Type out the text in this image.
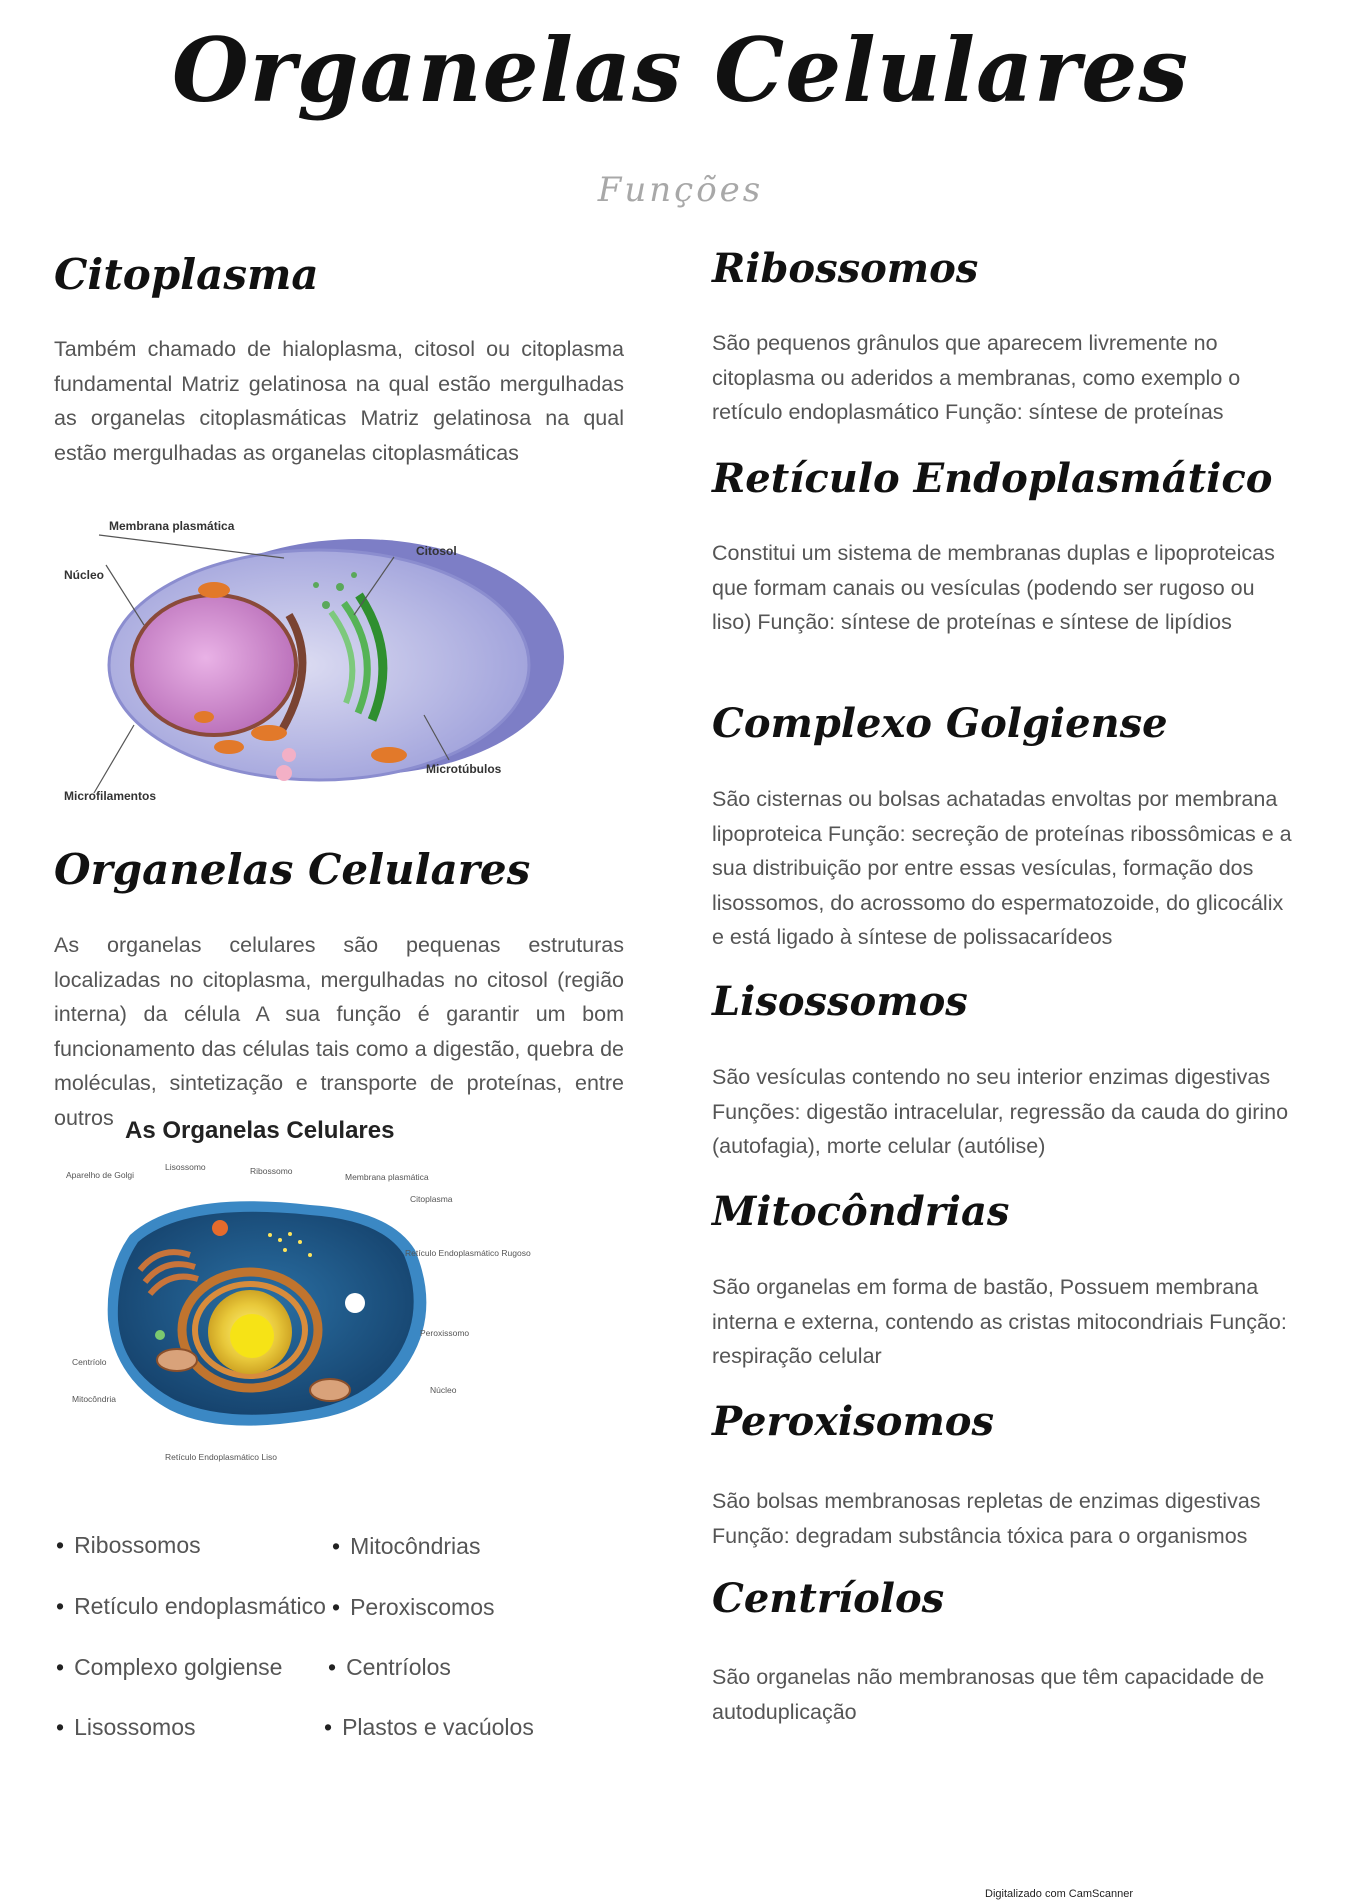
Organelas Celulares
Funções
Citoplasma
Também chamado de hialoplasma, citosol ou citoplasma fundamental Matriz gelatinosa na qual estão mergulhadas as organelas citoplasmáticas Matriz gelatinosa na qual estão mergulhadas as organelas citoplasmáticas
Membrana plasmática
Citosol
Núcleo
Microtúbulos
Microfilamentos
Organelas Celulares
As organelas celulares são pequenas estruturas localizadas no citoplasma, mergulhadas no citosol (região interna) da célula A sua função é garantir um bom funcionamento das células tais como a digestão, quebra de moléculas, sintetização e transporte de proteínas, entre outros As Organelas Celulares
Aparelho de Golgi
Lisossomo	Ribossomo
Membrana plasmática
Citoplasma
Retículo Endoplasmático Rugoso
Peroxissomo
Centríolo
Mitocôndria
Núcleo
Retículo Endoplasmático Liso
• Ribossomos
• Retículo endoplasmático
• Complexo golgiense
• Lisossomos
• Mitocôndrias
• Peroxiscomos
• Centríolos
• Plastos e vacúolos
Ribossomos
São pequenos grânulos que aparecem livremente no citoplasma ou aderidos a membranas, como exemplo o retículo endoplasmático Função: síntese de proteínas
Retículo Endoplasmático
Constitui um sistema de membranas duplas e lipoproteicas que formam canais ou vesículas (podendo ser rugoso ou liso) Função: síntese de proteínas e síntese de lipídios
Complexo Golgiense
São cisternas ou bolsas achatadas envoltas por membrana lipoproteica Função: secreção de proteínas ribossômicas e a sua distribuição por entre essas vesículas, formação dos lisossomos, do acrossomo do espermatozoide, do glicocálix e está ligado à síntese de polissacarídeos
Lisossomos
São vesículas contendo no seu interior enzimas digestivas Funções: digestão intracelular, regressão da cauda do girino (autofagia), morte celular (autólise)
Mitocôndrias
São organelas em forma de bastão, Possuem membrana interna e externa, contendo as cristas mitocondriais Função: respiração celular
Peroxisomos
São bolsas membranosas repletas de enzimas digestivas Função: degradam substância tóxica para o organismos
Centríolos
São organelas não membranosas que têm capacidade de autoduplicação
Digitalizado com CamScanner
